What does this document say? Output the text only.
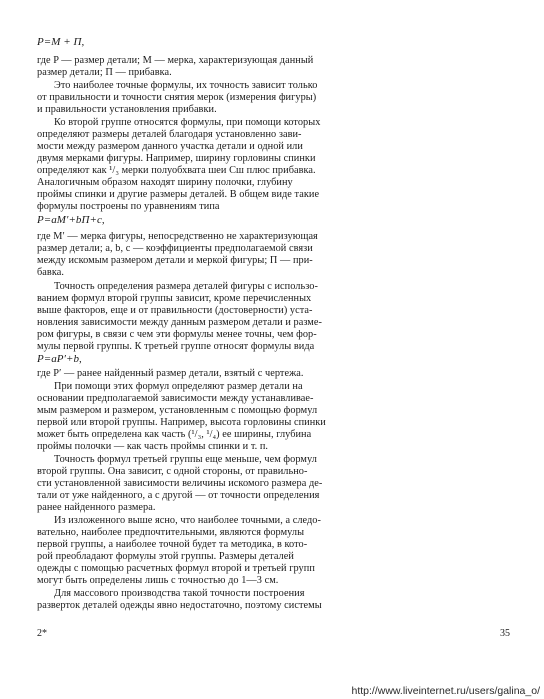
P=M + П,
где P — размер детали; M — мерка, характеризующая данный
размер детали; П — прибавка.
Это наиболее точные формулы, их точность зависит только
от правильности и точности снятия мерок (измерения фигуры)
и правильности установления прибавки.
Ко второй группе относятся формулы, при помощи которых
определяют размеры деталей благодаря установленно зави-
мости между размером данного участка детали и одной или
двумя мерками фигуры. Например, ширину горловины спинки
определяют как ¹/₃ мерки полуобхвата шеи Сш плюс прибавка.
Аналогичным образом находят ширину полочки, глубину
проймы спинки и другие размеры деталей. В общем виде такие
формулы построены по уравнениям типа
P=aM′+bП+c,
где M′ — мерка фигуры, непосредственно не характеризующая
размер детали; a, b, c — коэффициенты предполагаемой связи
между искомым размером детали и меркой фигуры; П — при-
бавка.
Точность определения размера деталей фигуры с использо-
ванием формул второй группы зависит, кроме перечисленных
выше факторов, еще и от правильности (достоверности) уста-
новления зависимости между данным размером детали и разме-
ром фигуры, в связи с чем эти формулы менее точны, чем фор-
мулы первой группы. К третьей группе относят формулы вида
P=aP′+b,
где P′ — ранее найденный размер детали, взятый с чертежа.
При помощи этих формул определяют размер детали на
основании предполагаемой зависимости между устанавливае-
мым размером и размером, установленным с помощью формул
первой или второй группы. Например, высота горловины спинки
может быть определена как часть (¹/₃, ¹/₄) ее ширины, глубина
проймы полочки — как часть проймы спинки и т. п.
Точность формул третьей группы еще меньше, чем формул
второй группы. Она зависит, с одной стороны, от правильно-
сти установленной зависимости величины искомого размера де-
тали от уже найденного, а с другой — от точности определения
ранее найденного размера.
Из изложенного выше ясно, что наиболее точными, а следо-
вательно, наиболее предпочтительными, являются формулы
первой группы, а наиболее точной будет та методика, в кото-
рой преобладают формулы этой группы. Размеры деталей
одежды с помощью расчетных формул второй и третьей групп
могут быть определены лишь с точностью до 1—3 см.
Для массового производства такой точности построения
разверток деталей одежды явно недостаточно, поэтому системы
2*	35
http://www.liveinternet.ru/users/galina_o/
